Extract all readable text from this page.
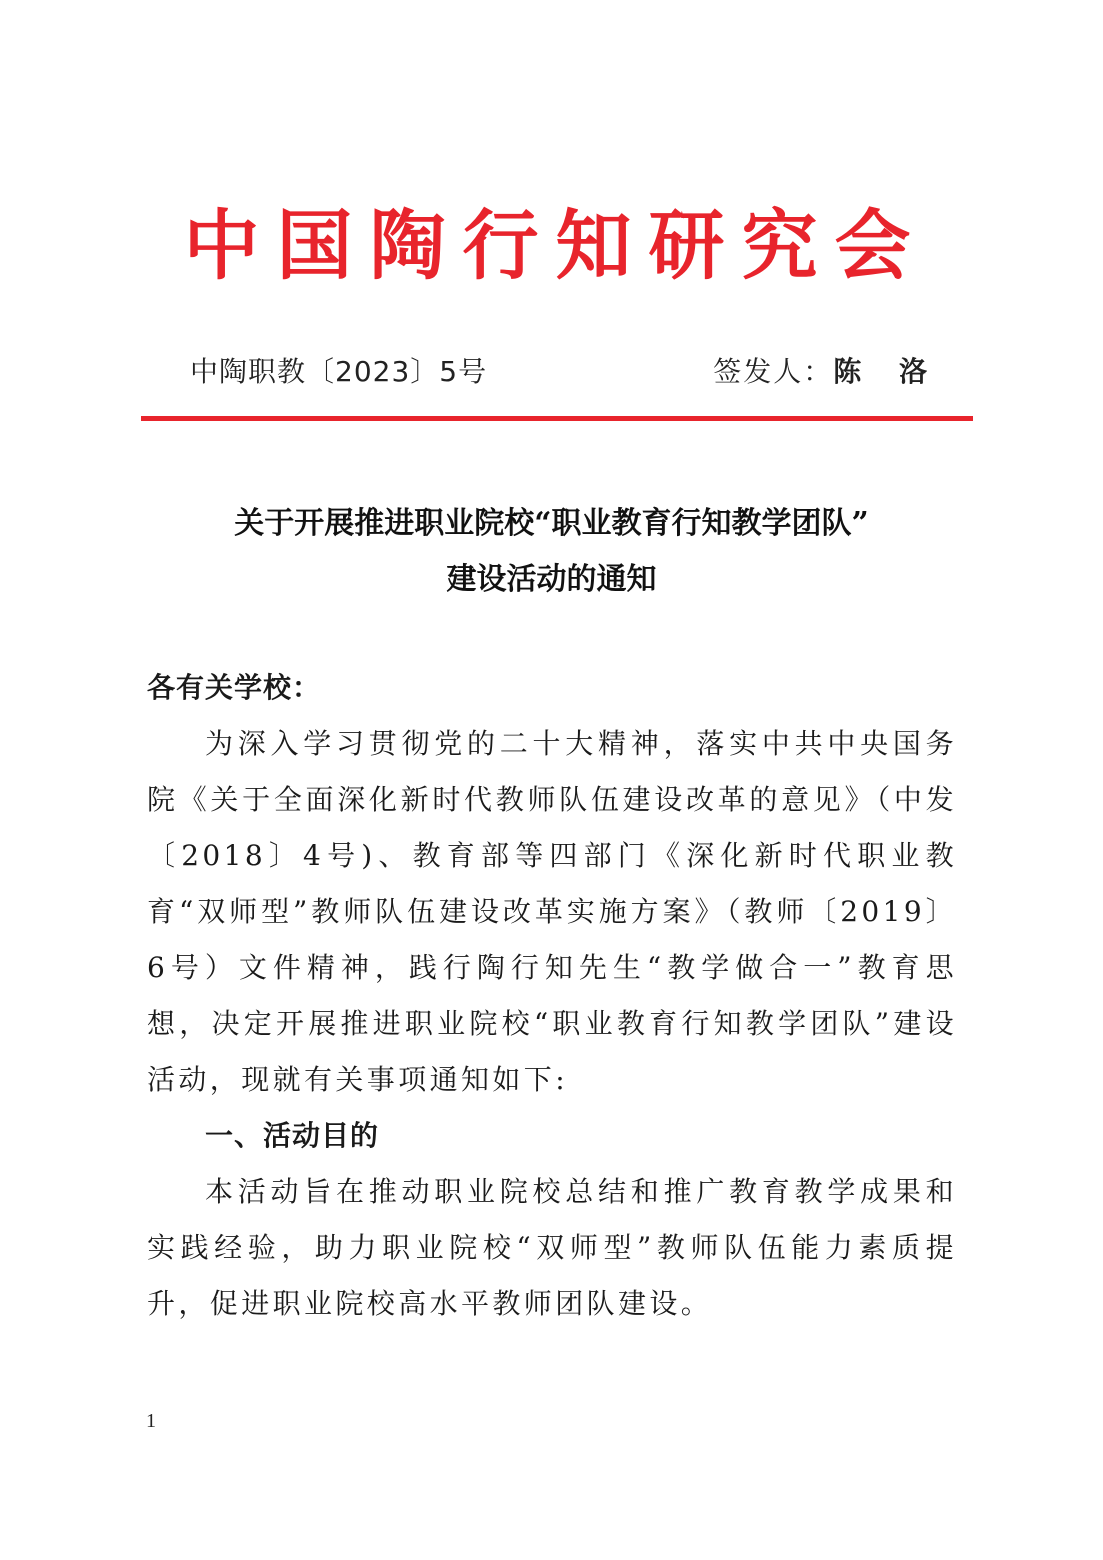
中国陶行知研究会
中陶职教〔2023〕5号	签发人：陈 洛
关于开展推进职业院校“职业教育行知教学团队”
建设活动的通知

各有关学校：

为深入学习贯彻党的二十大精神，落实中共中央国务院《关于全面深化新时代教师队伍建设改革的意见》（中发〔2018〕4号)、教育部等四部门《深化新时代职业教育“双师型”教师队伍建设改革实施方案》（教师〔2019〕6号）文件精神，践行陶行知先生“教学做合一”教育思想，决定开展推进职业院校“职业教育行知教学团队”建设活动，现就有关事项通知如下:

一、活动目的

本活动旨在推动职业院校总结和推广教育教学成果和实践经验，助力职业院校“双师型”教师队伍能力素质提升，促进职业院校高水平教师团队建设。

1
